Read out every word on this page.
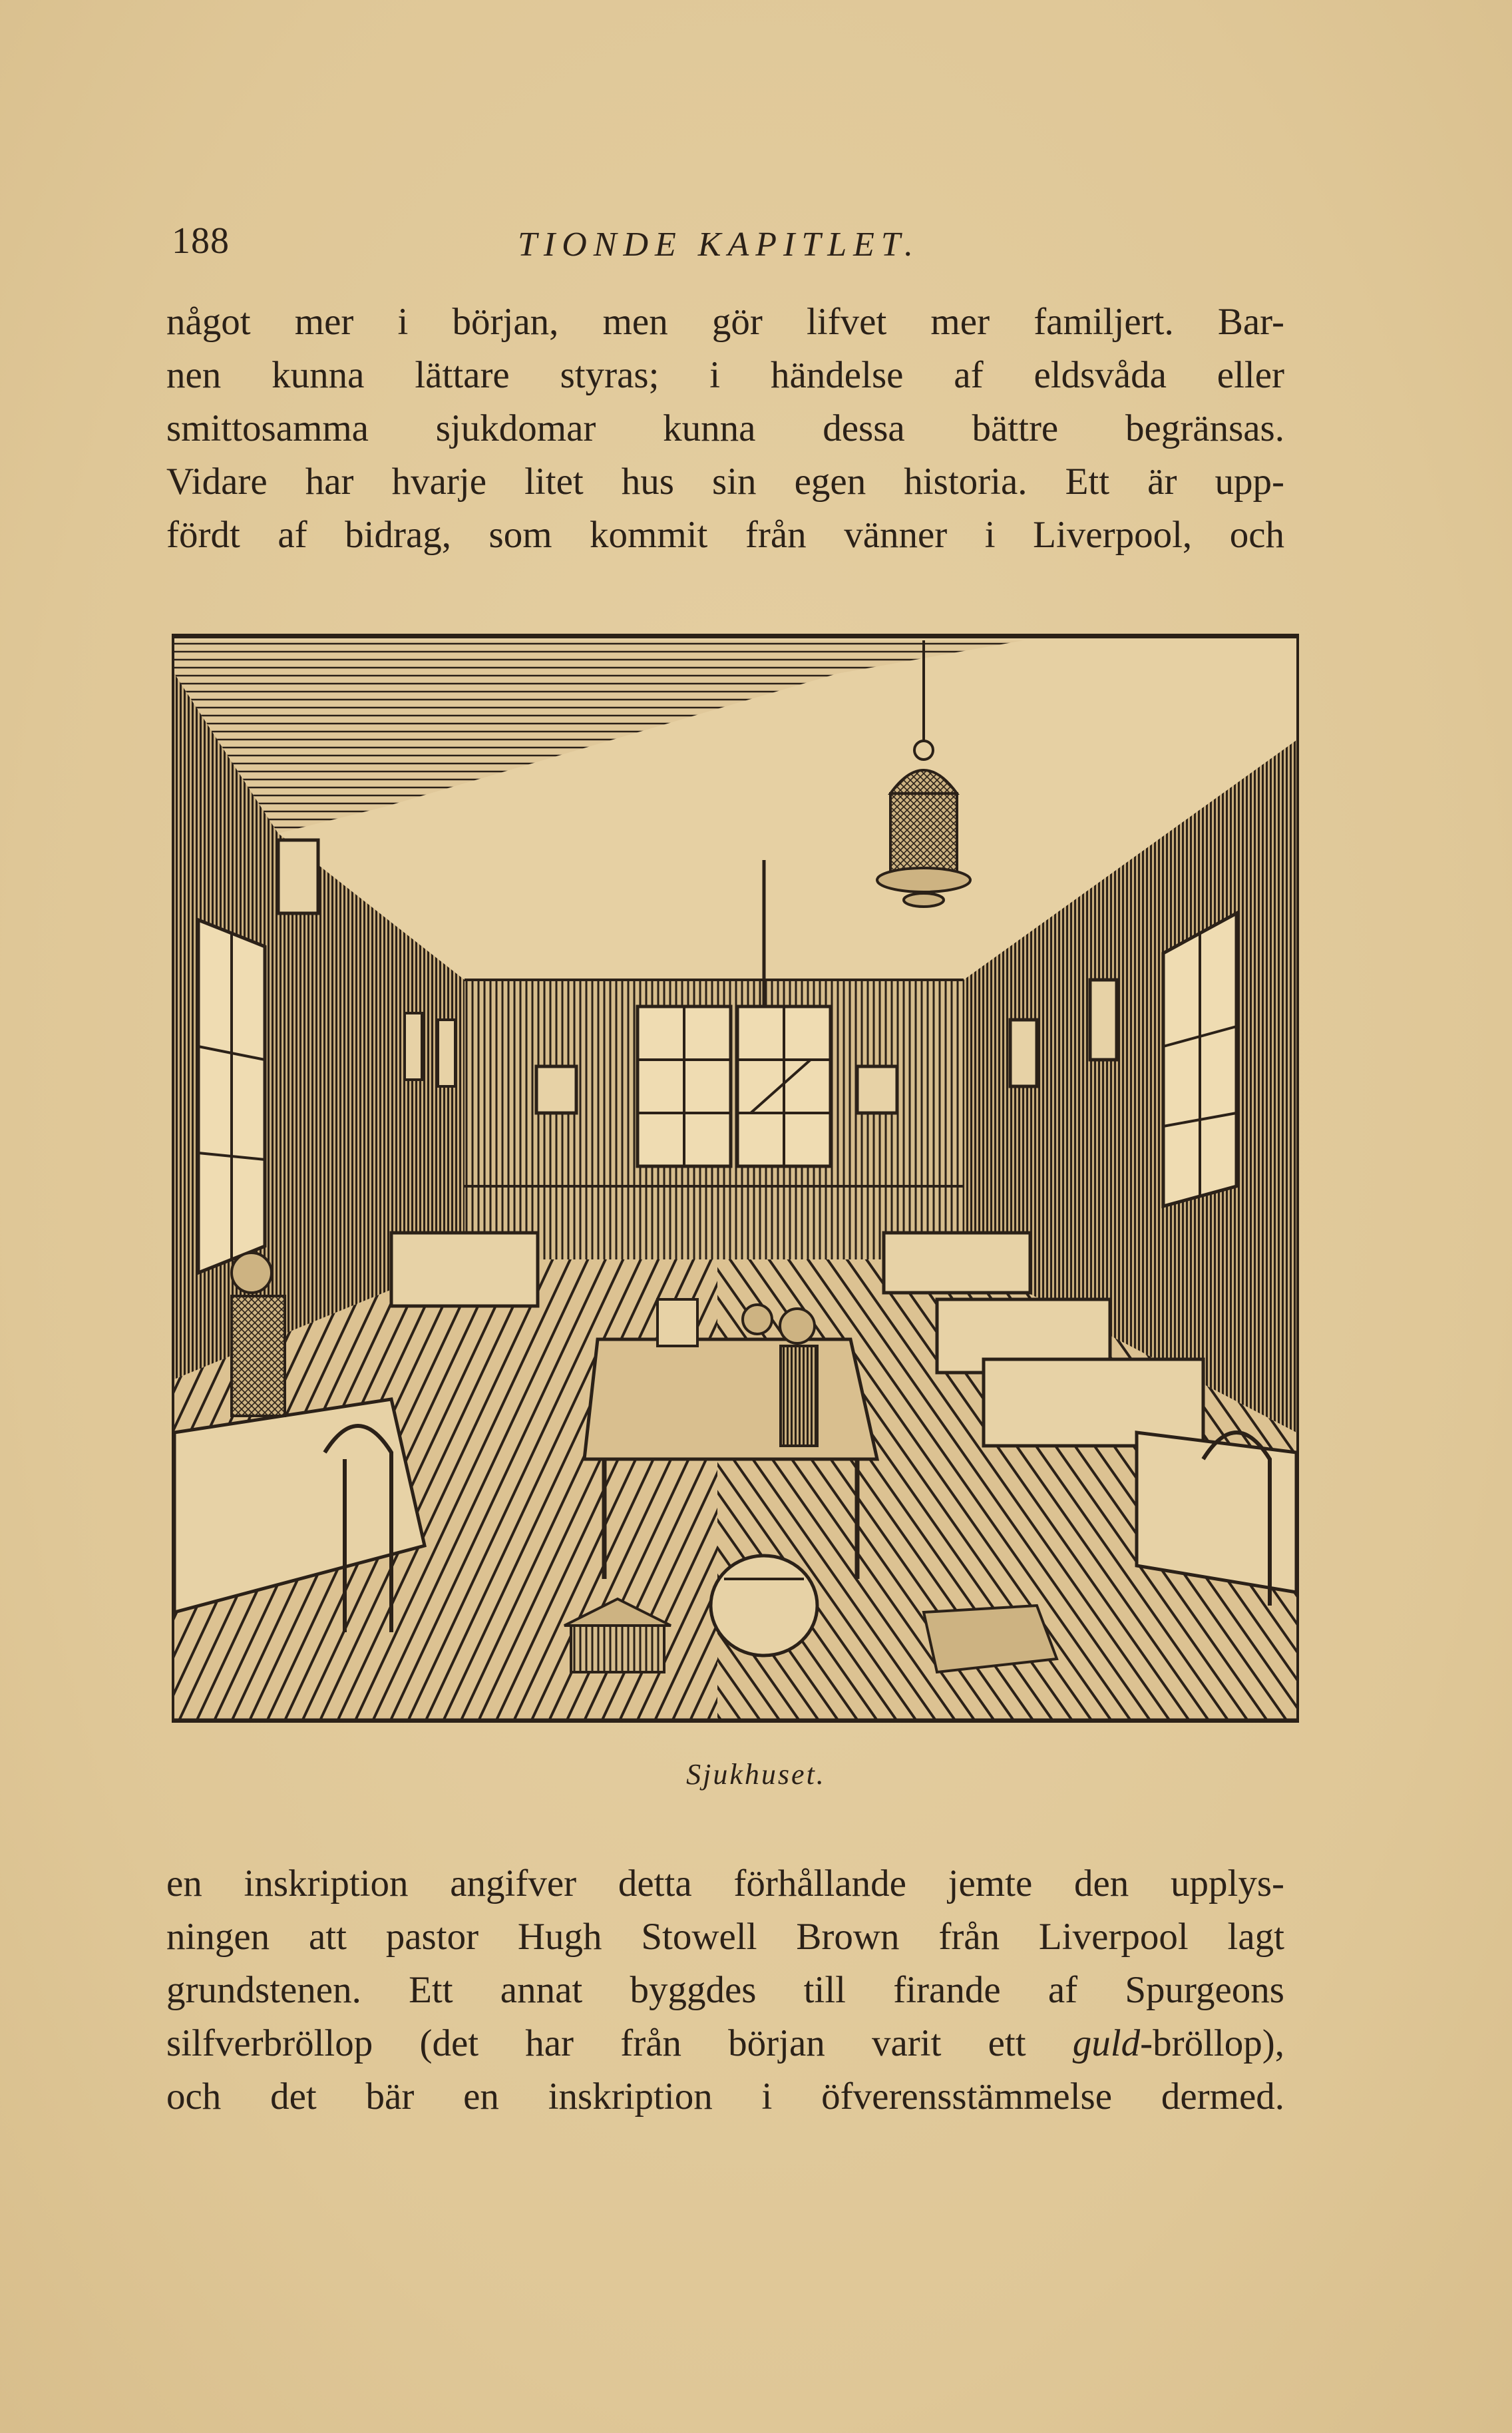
188	TIONDE KAPITLET.
något mer i början, men gör lifvet mer familjert. Bar-
nen kunna lättare styras; i händelse af eldsvåda eller
smittosamma sjukdomar kunna dessa bättre begränsas.
Vidare har hvarje litet hus sin egen historia. Ett är upp-
fördt af bidrag, som kommit från vänner i Liverpool, och
Sjukhuset.
en inskription angifver detta förhållande jemte den upplys-
ningen att pastor Hugh Stowell Brown från Liverpool lagt
grundstenen. Ett annat byggdes till firande af Spurgeons
silfverbröllop (det har från början varit ett guld-bröllop),
och det bär en inskription i öfverensstämmelse dermed.
